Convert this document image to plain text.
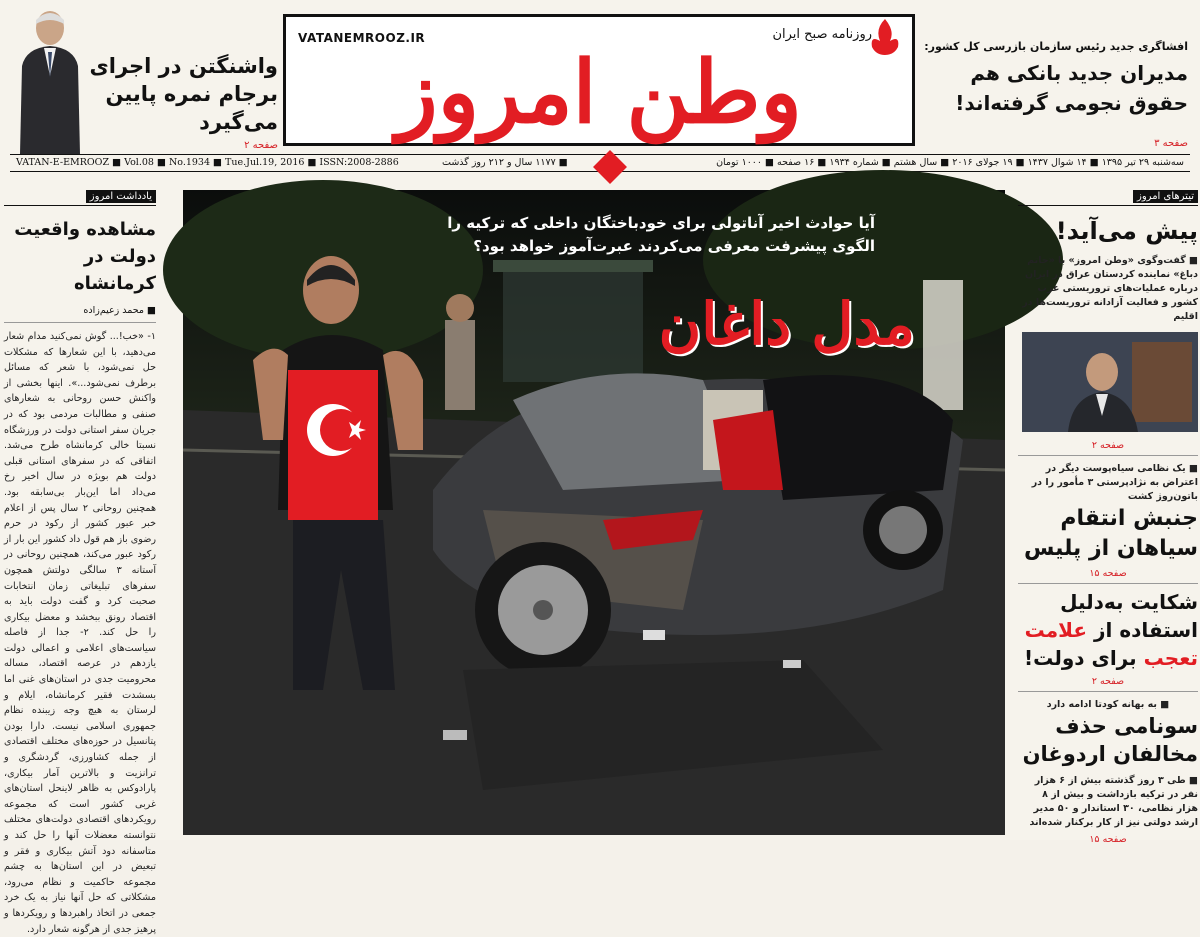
واشنگتن در اجرای برجام نمره پایین می‌گیرد
صفحه ۲
VATANEMROOZ.IR	روزنامه صبح ایران
وطن امروز	افشاگری جدید رئیس سازمان بازرسی کل کشور:
مدیران جدید بانکی هم حقوق نجومی گرفته‌اند!
صفحه ۳
VATAN-E-EMROOZ ■ Vol.08 ■ No.1934 ■ Tue.Jul.19, 2016 ■ ISSN:2008-2886	■ ۱۱۷۷ سال و ۲۱۲ روز گذشت	سه‌شنبه ۲۹ تیر ۱۳۹۵ ■ ۱۴ شوال ۱۴۳۷ ■ ۱۹ جولای ۲۰۱۶ ■ سال هشتم ■ شماره ۱۹۳۴ ■ ۱۶ صفحه ■ ۱۰۰۰ تومان
یادداشت امروز
مشاهده واقعیت دولت در کرمانشاه
■ محمد زعیم‌زاده
۱- «خب!... گوش نمی‌کنید مدام شعار می‌دهید، با این شعارها که مشکلات حل نمی‌شود، با شعر که مسائل برطرف نمی‌شود...». اینها بخشی از واکنش حسن روحانی به شعارهای صنفی و مطالبات مردمی بود که در جریان سفر استانی دولت در ورزشگاه نسبتا خالی کرمانشاه طرح می‌شد. اتفاقی که در سفرهای استانی قبلی دولت هم بویژه در سال اخیر رخ می‌داد اما این‌بار بی‌سابقه بود. همچنین روحانی ۲ سال پس از اعلام خبر عبور کشور از رکود در حرم رضوی باز هم قول داد کشور این بار از رکود عبور می‌کند، همچنین روحانی در آستانه ۳ سالگی دولتش همچون سفرهای تبلیغاتی زمان انتخابات صحبت کرد و گفت دولت باید به اقتصاد رونق ببخشد و معضل بیکاری را حل کند. ۲- جدا از فاصله سیاست‌های اعلامی و اعمالی دولت یازدهم در عرصه اقتصاد، مساله محرومیت جدی در استان‌های غنی اما بسشدت فقیر کرمانشاه، ایلام و لرستان به هیچ وجه زیبنده نظام جمهوری اسلامی نیست. دارا بودن پتانسیل در حوزه‌های مختلف اقتصادی از جمله کشاورزی، گردشگری و ترانزیت و بالاترین آمار بیکاری، پارادوکس به ظاهر لاینحل استان‌های غربی کشور است که مجموعه رویکردهای اقتصادی دولت‌های مختلف نتوانسته معضلات آنها را حل کند و متاسفانه دود آتش بیکاری و فقر و تبعیض در این استان‌ها به چشم مجموعه حاکمیت و نظام می‌رود، مشکلاتی که حل آنها نیاز به یک خرد جمعی در اتخاذ راهبردها و رویکردها و پرهیز جدی از هرگونه شعار دارد.
آیا حوادث اخیر آناتولی برای خودباختگان داخلی که ترکیه را الگوی پیشرفت معرفی می‌کردند عبرت‌آموز خواهد بود؟
مدل داغان
تیترهای امروز
پیش می‌آید!
■ گفت‌وگوی «وطن امروز» با «حاتم دباغ» نماینده کردستان عراق در ایران درباره عملیات‌های تروریستی غرب کشور و فعالیت آزادانه تروریست‌ها در اقلیم
صفحه ۲
■ یک نظامی سیاه‌پوست دیگر در اعتراض به نژادپرستی ۳ مأمور را در باتون‌روژ کشت
جنبش انتقام سیاهان از پلیس
صفحه ۱۵
شکایت به‌دلیل استفاده از علامت تعجب برای دولت!
صفحه ۲
■ به بهانه کودتا ادامه دارد
سونامی حذف مخالفان اردوغان
■ طی ۳ روز گذشته بیش از ۶ هزار نفر در ترکیه بازداشت و بیش از ۸ هزار نظامی، ۳۰ استاندار و ۵۰ مدیر ارشد دولتی نیز از کار برکنار شده‌اند
صفحه ۱۵
